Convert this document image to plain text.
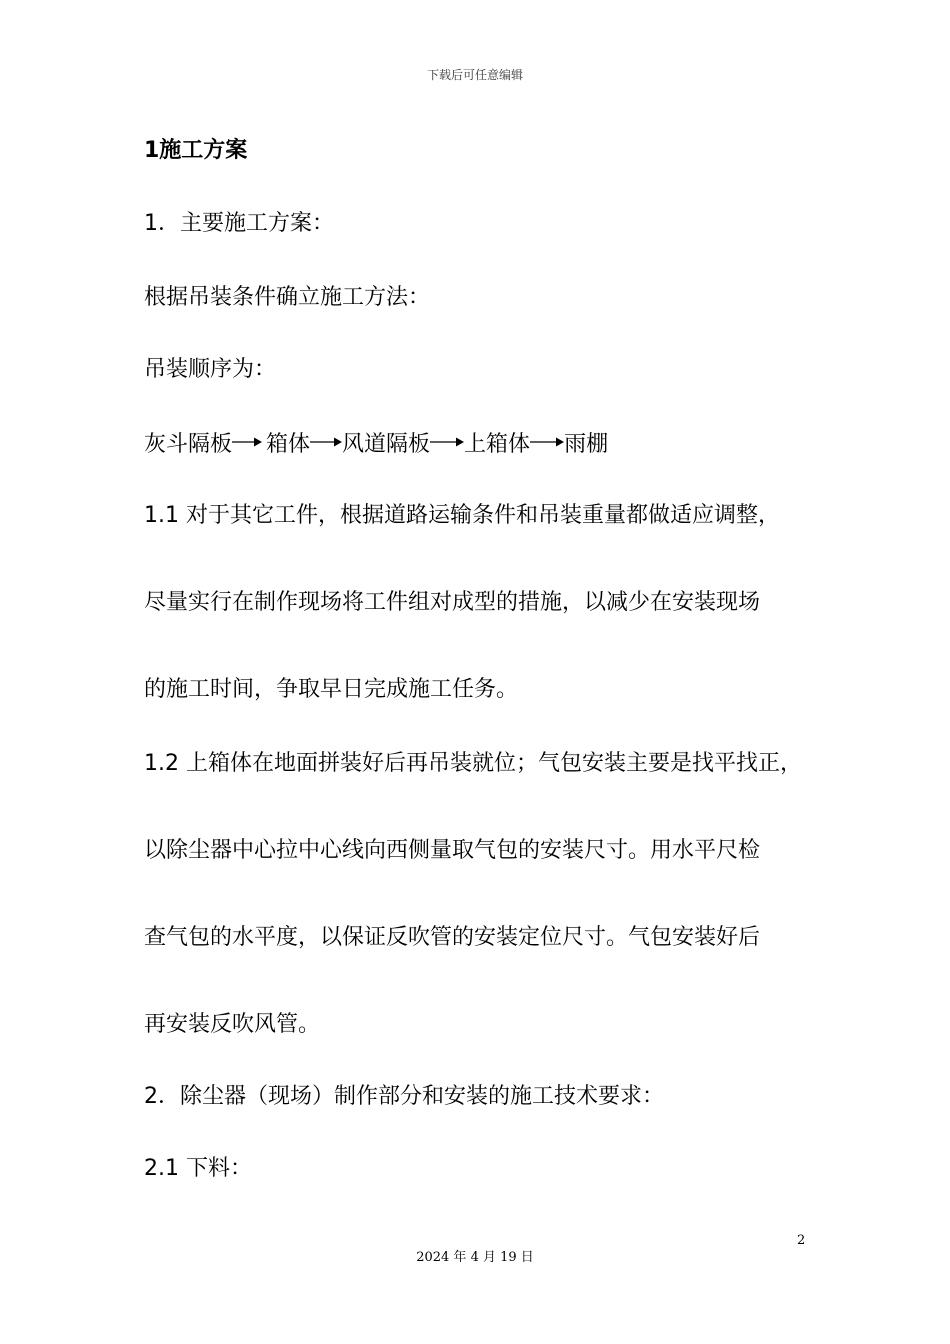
下载后可任意编辑
1施工方案
1．主要施工方案：
根据吊装条件确立施工方法：
吊装顺序为：
灰斗隔板 箱体 风道隔板 上箱体 雨棚
1.1 对于其它工件，根据道路运输条件和吊装重量都做适应调整，
尽量实行在制作现场将工件组对成型的措施，以减少在安装现场
的施工时间，争取早日完成施工任务。
1.2 上箱体在地面拼装好后再吊装就位；气包安装主要是找平找正，
以除尘器中心拉中心线向西侧量取气包的安装尺寸。用水平尺检
查气包的水平度，以保证反吹管的安装定位尺寸。气包安装好后
再安装反吹风管。
2．除尘器（现场）制作部分和安装的施工技术要求：
2.1 下料：
2
2024 年 4 月 19 日
